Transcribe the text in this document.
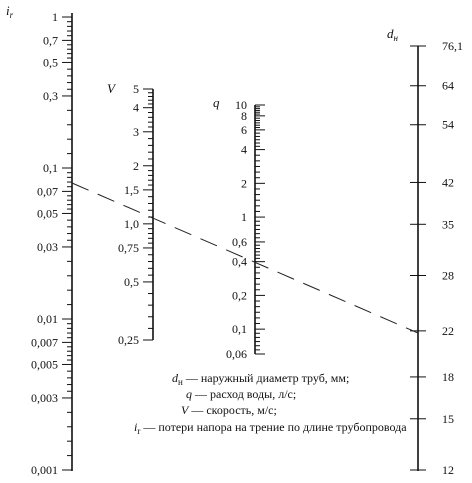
$i_r$	1
0,7
0,5
0,3
0,1
0,07
0,05
0,03
0,01
0,007
0,005
0,003
0,001
V 5
4
3
2
1,5
1,0
0,75
0,5
0,25
q 10
8
6
4
2
1
0,6
0,4
0,2
0,1
0,06
$d_н$
76,1
64
54
42
35
28
22
18
15
12
$d_н$ — наружный диаметр труб, мм;
q — расход воды, л/с;
V — скорость, м/с;
$i_r$ — потери напора на трение по длине трубопровода
